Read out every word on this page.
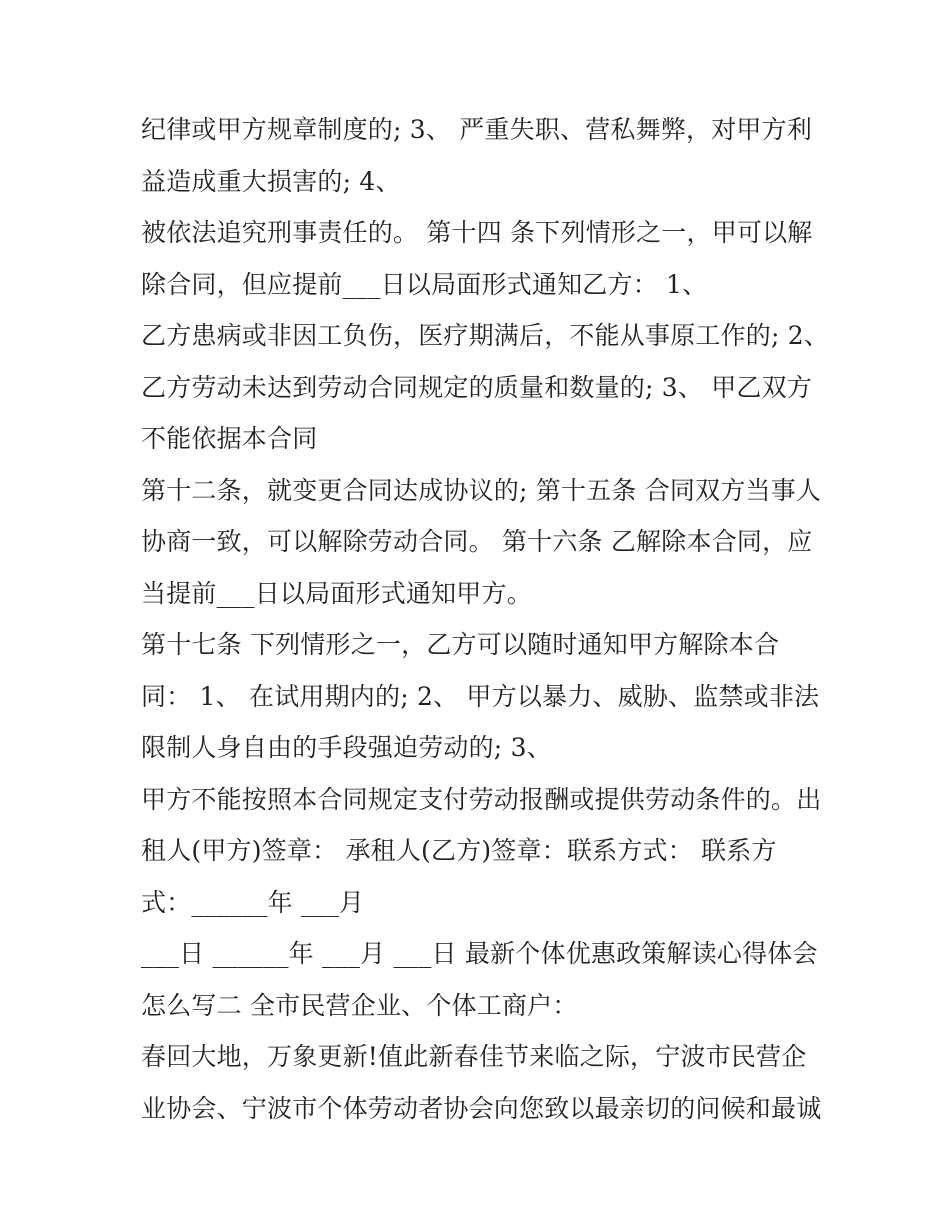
纪律或甲方规章制度的; 3、 严重失职、营私舞弊，对甲方利
益造成重大损害的; 4、
被依法追究刑事责任的。 第十四 条下列情形之一，甲可以解
除合同，但应提前___日以局面形式通知乙方： 1、
乙方患病或非因工负伤，医疗期满后，不能从事原工作的; 2、
乙方劳动未达到劳动合同规定的质量和数量的; 3、 甲乙双方
不能依据本合同
第十二条，就变更合同达成协议的; 第十五条 合同双方当事人
协商一致，可以解除劳动合同。 第十六条 乙解除本合同，应
当提前___日以局面形式通知甲方。
第十七条 下列情形之一，乙方可以随时通知甲方解除本合
同： 1、 在试用期内的; 2、 甲方以暴力、威胁、监禁或非法
限制人身自由的手段强迫劳动的; 3、
甲方不能按照本合同规定支付劳动报酬或提供劳动条件的。出
租人(甲方)签章： 承租人(乙方)签章：联系方式： 联系方
式：______年 ___月
___日 ______年 ___月 ___日 最新个体优惠政策解读心得体会
怎么写二 全市民营企业、个体工商户：
春回大地，万象更新!值此新春佳节来临之际，宁波市民营企
业协会、宁波市个体劳动者协会向您致以最亲切的问候和最诚
